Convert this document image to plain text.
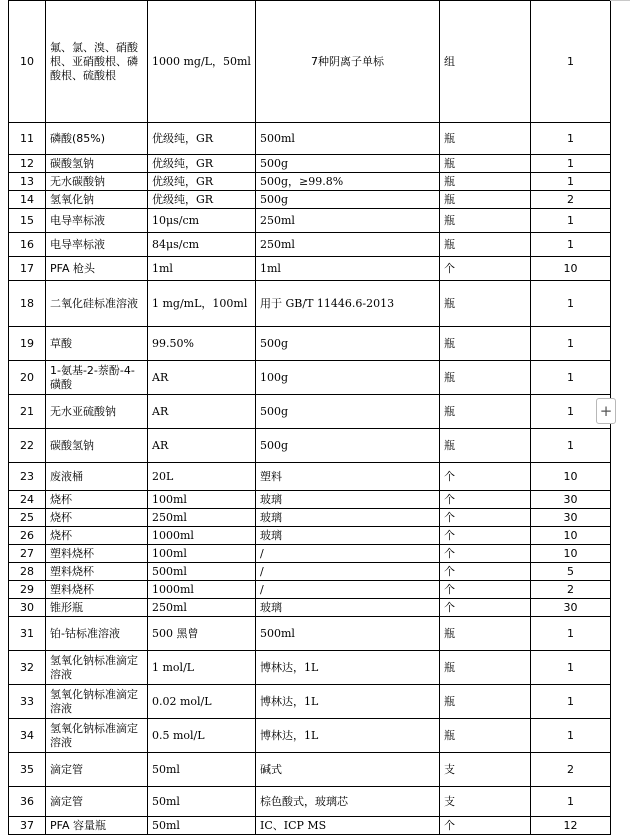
10	氟、氯、溴、硝酸根、亚硝酸根、磷酸根、硫酸根	1000 mg/L，50ml	7种阴离子单标	组	1
11	磷酸(85%)	优级纯，GR	500ml	瓶	1
12	碳酸氢钠	优级纯，GR	500g	瓶	1
13	无水碳酸钠	优级纯，GR	500g，≥99.8%	瓶	1
14	氢氧化钠	优级纯，GR	500g	瓶	2
15	电导率标液	10μs/cm	250ml	瓶	1
16	电导率标液	84μs/cm	250ml	瓶	1
17	PFA 枪头	1ml	1ml	个	10
18	二氧化硅标准溶液	1 mg/mL，100ml	用于 GB/T 11446.6-2013	瓶	1
19	草酸	99.50%	500g	瓶	1
20	1-氨基-2-萘酚-4-磺酸	AR	100g	瓶	1
21	无水亚硫酸钠	AR	500g	瓶	1
22	碳酸氢钠	AR	500g	瓶	1
23	废液桶	20L	塑料	个	10
24	烧杯	100ml	玻璃	个	30
25	烧杯	250ml	玻璃	个	30
26	烧杯	1000ml	玻璃	个	10
27	塑料烧杯	100ml	/	个	10
28	塑料烧杯	500ml	/	个	5
29	塑料烧杯	1000ml	/	个	2
30	锥形瓶	250ml	玻璃	个	30
31	铂-钴标准溶液	500 黑曾	500ml	瓶	1
32	氢氧化钠标准滴定溶液	1 mol/L	博林达，1L	瓶	1
33	氢氧化钠标准滴定溶液	0.02 mol/L	博林达，1L	瓶	1
34	氢氧化钠标准滴定溶液	0.5 mol/L	博林达，1L	瓶	1
35	滴定管	50ml	碱式	支	2
36	滴定管	50ml	棕色酸式，玻璃芯	支	1
37	PFA 容量瓶	50ml	IC、ICP MS	个	12
+
